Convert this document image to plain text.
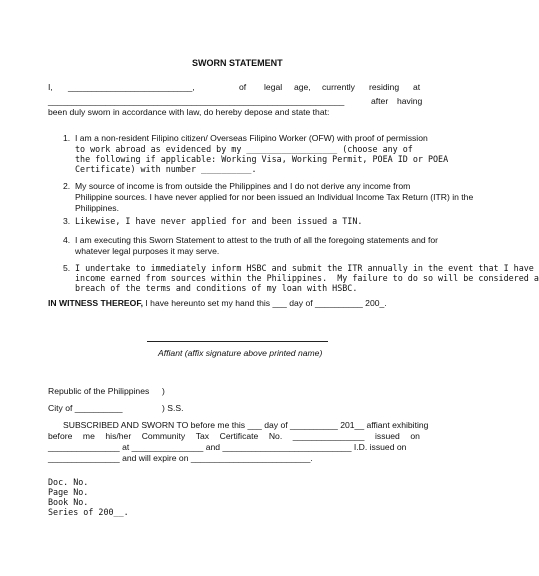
SWORN STATEMENT
I, __________________________,	of legal age, currently residing at
______________________________________________________________	after having
been duly sworn in accordance with law, do hereby depose and state that:
1. I am a non-resident Filipino citizen/ Overseas Filipino Worker (OFW) with proof of permission
to work abroad as evidenced by my __________________ (choose any of
the following if applicable: Working Visa, Working Permit, POEA ID or POEA
Certificate) with number __________.
2. My source of income is from outside the Philippines and I do not derive any income from
Philippine sources. I have never applied for nor been issued an Individual Income Tax Return (ITR) in the
Philippines.
3. Likewise, I have never applied for and been issued a TIN.
4. I am executing this Sworn Statement to attest to the truth of all the foregoing statements and for
whatever legal purposes it may serve.
5. I undertake to immediately inform HSBC and submit the ITR annually in the event that I have
income earned from sources within the Philippines.  My failure to do so will be considered a
breach of the terms and conditions of my loan with HSBC.
IN WITNESS THEREOF, I have hereunto set my hand this ___ day of __________ 200_.
Affiant (affix signature above printed name)
Republic of the Philippines )
City of __________	) S.S.
SUBSCRIBED AND SWORN TO before me this ___ day of __________ 201__ affiant exhibiting
before me his/her Community Tax Certificate No. _______________ issued on
_______________ at _______________ and ___________________________ I.D. issued on
_______________ and will expire on _________________________.
Doc. No.
Page No.
Book No.
Series of 200__.
